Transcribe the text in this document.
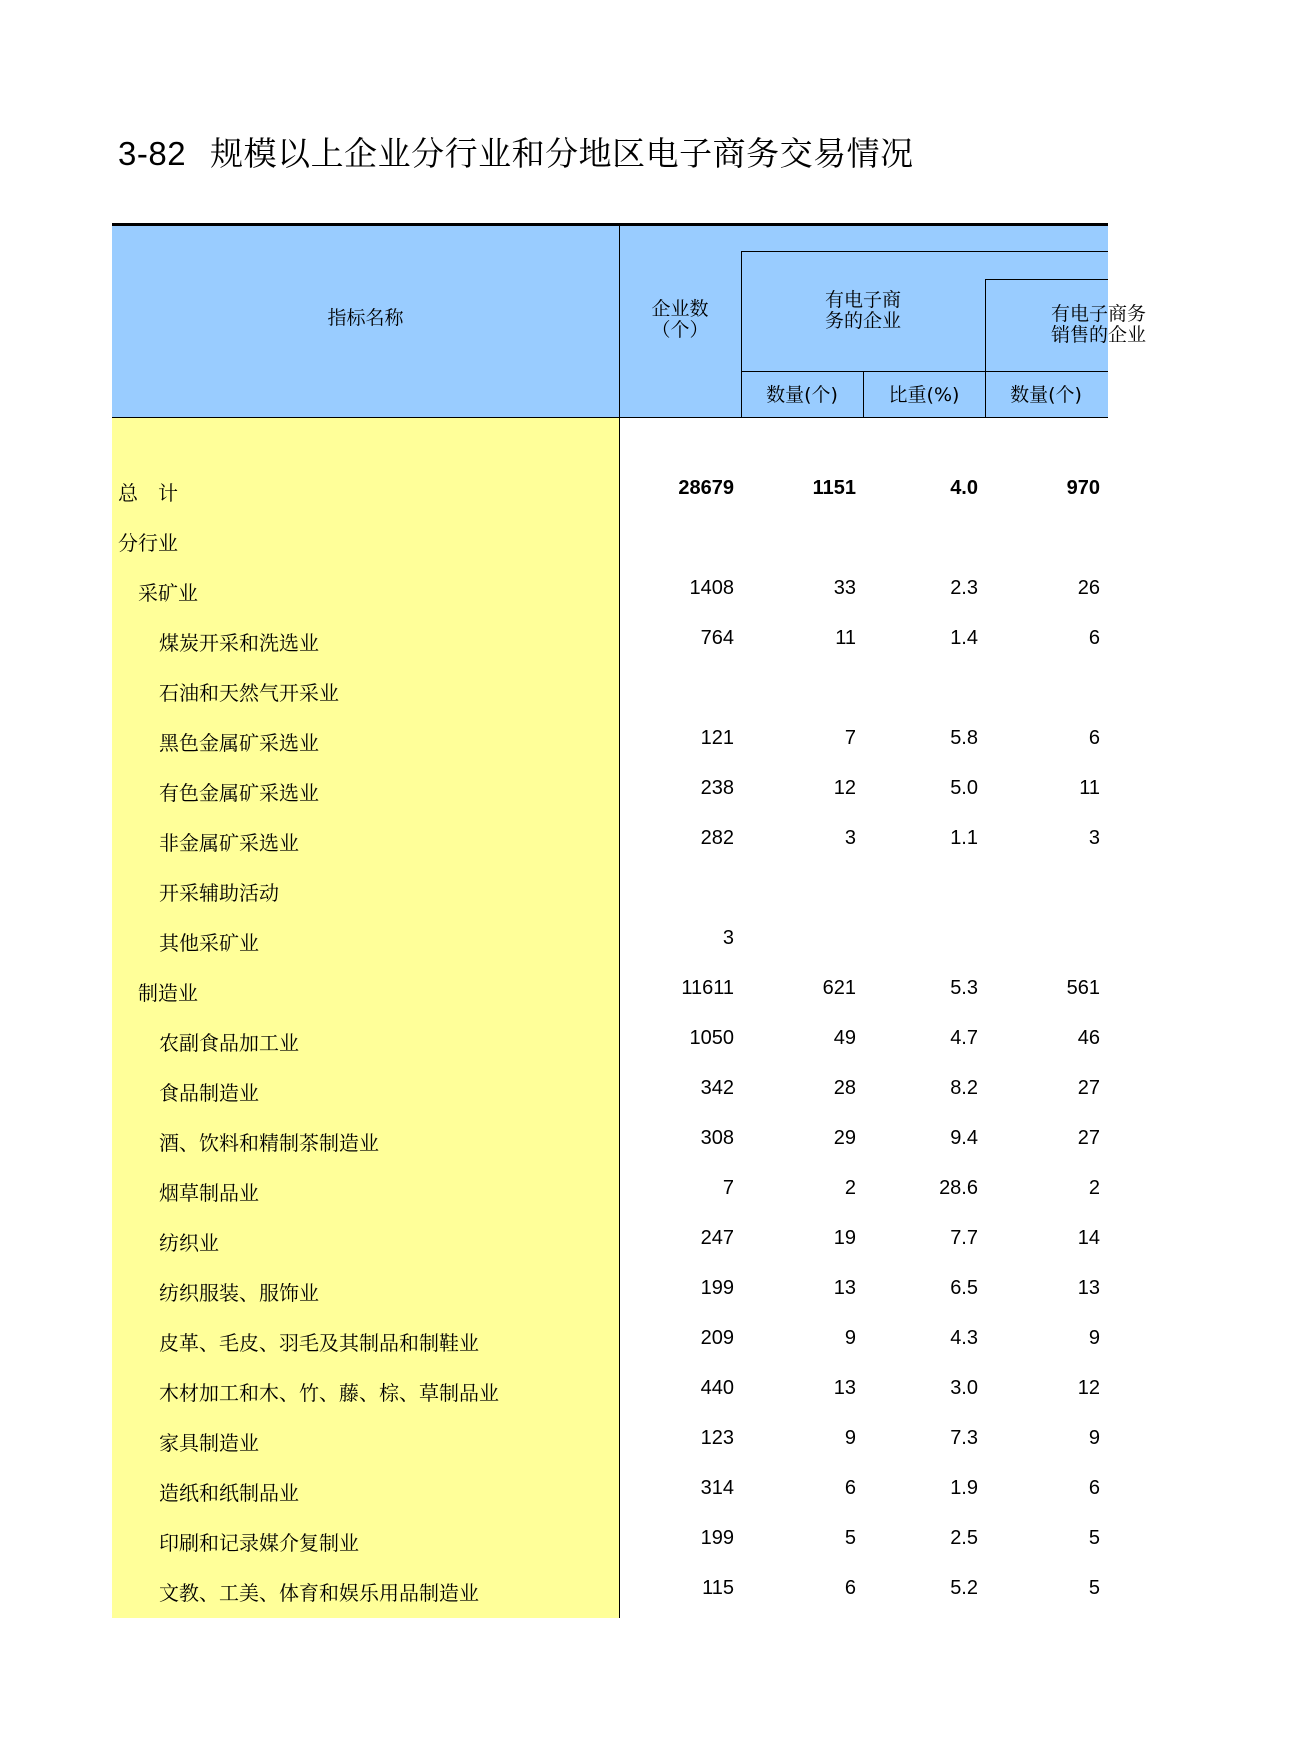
3-82 规模以上企业分行业和分地区电子商务交易情况
指标名称	企业数
（个）
有电子商
务的企业	有电子商务
销售的企业
数量(个)	比重(%)	数量(个)
总　计	28679	1151	4.0	970
分行业
采矿业	1408	33	2.3	26
煤炭开采和洗选业	764	11	1.4	6
石油和天然气开采业
黑色金属矿采选业	121	7	5.8	6
有色金属矿采选业	238	12	5.0	11
非金属矿采选业	282	3	1.1	3
开采辅助活动
其他采矿业	3
制造业	11611	621	5.3	561
农副食品加工业	1050	49	4.7	46
食品制造业	342	28	8.2	27
酒、饮料和精制茶制造业	308	29	9.4	27
烟草制品业	7	2	28.6	2
纺织业	247	19	7.7	14
纺织服装、服饰业	199	13	6.5	13
皮革、毛皮、羽毛及其制品和制鞋业	209	9	4.3	9
木材加工和木、竹、藤、棕、草制品业	440	13	3.0	12
家具制造业	123	9	7.3	9
造纸和纸制品业	314	6	1.9	6
印刷和记录媒介复制业	199	5	2.5	5
文教、工美、体育和娱乐用品制造业	115	6	5.2	5
